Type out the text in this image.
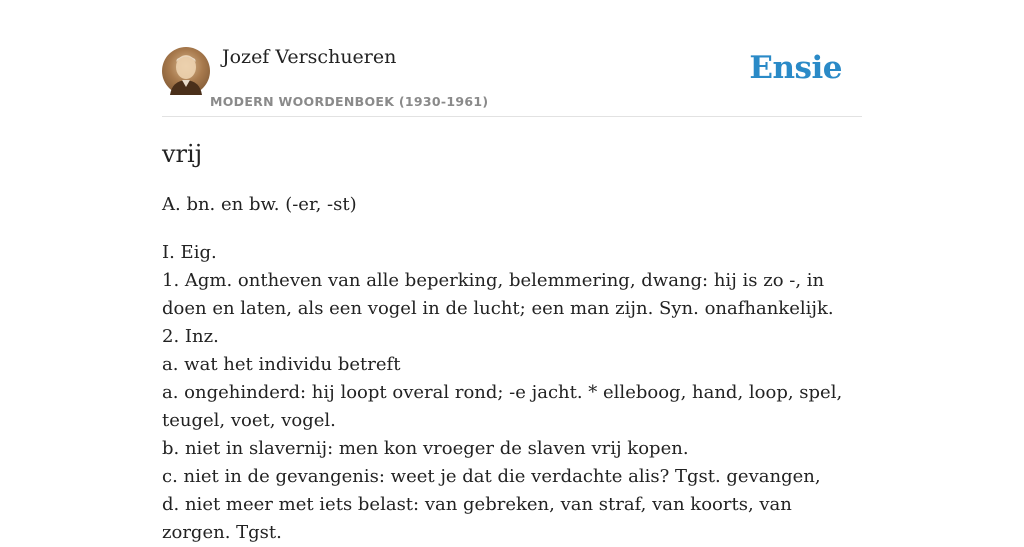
Jozef Verschueren
MODERN WOORDENBOEK (1930-1961)
Ensie
vrij

A. bn. en bw. (-er, -st)

I. Eig.
1. Agm. ontheven van alle beperking, belemmering, dwang: hij is zo -, in doen en laten, als een vogel in de lucht; een man zijn. Syn. onafhankelijk.
2. Inz.
a. wat het individu betreft
a. ongehinderd: hij loopt overal rond; -e jacht. * elleboog, hand, loop, spel, teugel, voet, vogel.
b. niet in slavernij: men kon vroeger de slaven vrij kopen.
c. niet in de gevangenis: weet je dat die verdachte alis? Tgst. gevangen,
d. niet meer met iets belast: van gebreken, van straf, van koorts, van zorgen. Tgst.
